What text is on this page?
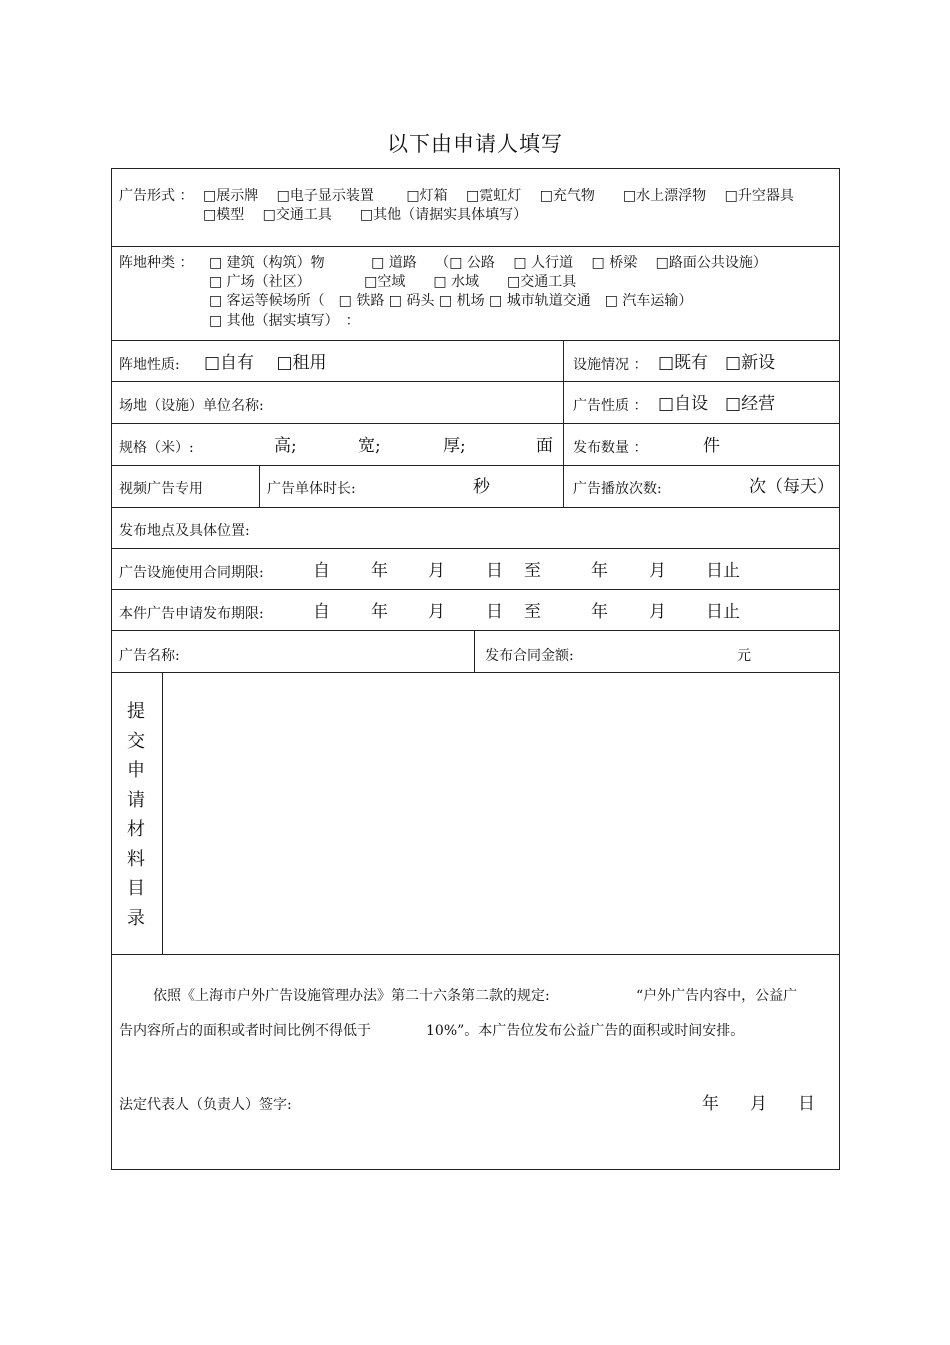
以下由申请人填写
广告形式 ： □展示牌　 □电子显示装置　　 □灯箱　 □霓虹灯　 □充气物　　□水上漂浮物　 □升空器具
□模型　 □交通工具　　□其他（请据实具体填写）
阵地种类 ： □ 建筑（构筑）物　　　 □ 道路　 （□ 公路　 □ 人行道　 □ 桥梁　 □路面公共设施）
□ 广场（社区）　　　　 □空域　　□ 水域　　□交通工具
□ 客运等候场所（　□ 铁路 □ 码头 □ 机场 □ 城市轨道交通　□ 汽车运输）
□ 其他（据实填写）　：
阵地性质: □自有　 □租用	设施情况 ： □既有　□新设
场地（设施）单位名称:	广告性质 ： □自设　□经营
规格（米）:	高;	宽;	厚;	面 发布数量 ：	件
视频广告专用	广告单体时长:	秒	广告播放次数:	次（每天）
发布地点及具体位置:
广告设施使用合同期限:	自 年 月 日 至	年 月 日止
本件广告申请发布期限:	自 年 月 日 至	年 月 日止
广告名称:	发布合同金额:	元
提
交
申
请
材
料
目
录
依照《上海市户外广告设施管理办法》第二十六条第二款的规定:	“户外广告内容中，公益广
告内容所占的面积或者时间比例不得低于	10%”。本广告位发布公益广告的面积或时间安排。
法定代表人（负责人）签字:	年 月 日
